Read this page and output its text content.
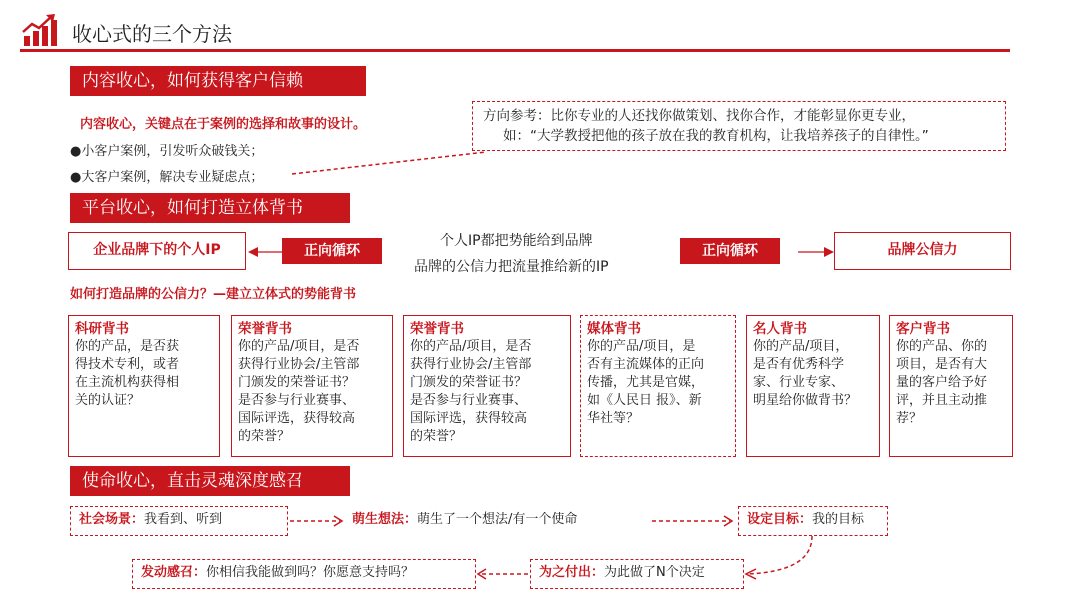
收心式的三个方法
内容收心，如何获得客户信赖
内容收心，关键点在于案例的选择和故事的设计。
●小客户案例，引发听众破钱关；
●大客户案例，解决专业疑虑点；
方向参考：比你专业的人还找你做策划、找你合作，才能彰显你更专业，
如：“大学教授把他的孩子放在我的教育机构，让我培养孩子的自律性。”
平台收心，如何打造立体背书
企业品牌下的个人IP	品牌公信力
正向循环	正向循环
个人IP都把势能给到品牌
品牌的公信力把流量推给新的IP
如何打造品牌的公信力？—建立立体式的势能背书
科研背书
你的产品，是否获
得技术专利，或者
在主流机构获得相
关的认证？
荣誉背书
你的产品/项目，是否
获得行业协会/主管部
门颁发的荣誉证书？
是否参与行业赛事、
国际评选，获得较高
的荣誉？
荣誉背书
你的产品/项目，是否
获得行业协会/主管部
门颁发的荣誉证书？
是否参与行业赛事、
国际评选，获得较高
的荣誉？
媒体背书
你的产品/项目，是
否有主流媒体的正向
传播，尤其是官媒，
如《人民日 报》、新
华社等？
名人背书
你的产品/项目，
是否有优秀科学
家、行业专家、
明星给你做背书？
客户背书
你的产品、你的
项目，是否有大
量的客户给予好
评，并且主动推
荐？
使命收心，直击灵魂深度感召
社会场景：我看到、听到	萌生想法：萌生了一个想法/有一个使命	设定目标：我的目标
为之付出：为此做了N个决定
发动感召：你相信我能做到吗？你愿意支持吗？
